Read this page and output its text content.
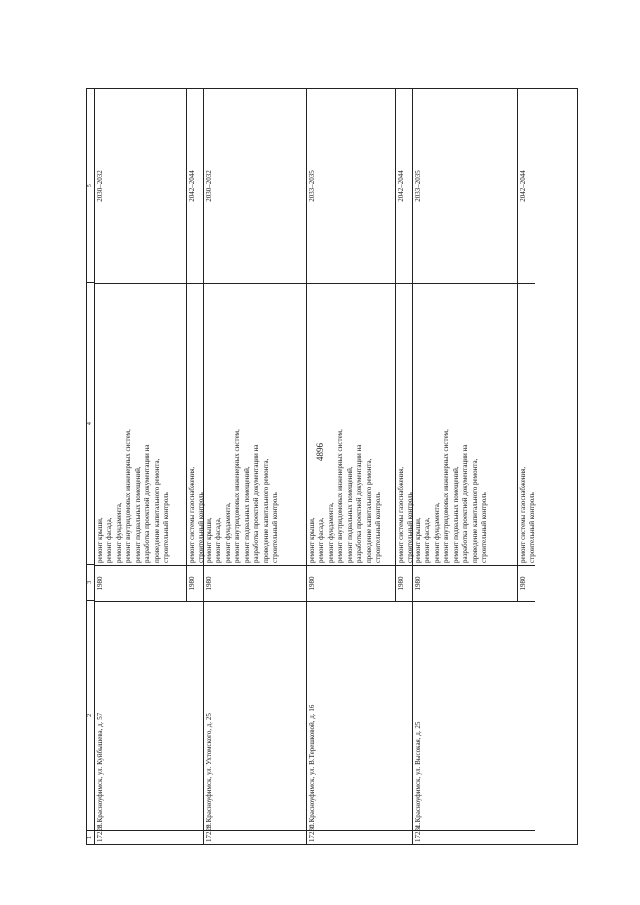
4896
1
2
3
4
5
17228.
г. Красноуфимск, ул. Куйбышева, д. 57
1980
ремонт крыши, ремонт фасада, ремонт фундамента, ремонт внутридомовых инженерных систем, ремонт подвальных помещений, разработка проектной документации на проведение капитального ремонта, строительный контроль
2030–2032
1980
ремонт системы газоснабжения, строительный контроль
2042–2044
17229.
г. Красноуфимск, ул. Ухтомского, д. 25
1980
ремонт крыши, ремонт фасада, ремонт фундамента, ремонт внутридомовых инженерных систем, ремонт подвальных помещений, разработка проектной документации на проведение капитального ремонта, строительный контроль
2030–2032
17230.
г. Красноуфимск, ул. В.Терешковой, д. 16
1980
ремонт крыши, ремонт фасада, ремонт фундамента, ремонт внутридомовых инженерных систем, ремонт подвальных помещений, разработка проектной документации на проведение капитального ремонта, строительный контроль
2033–2035
1980
ремонт системы газоснабжения, строительный контроль
2042–2044
17231.
г. Красноуфимск, ул. Высокая, д. 25
1980
ремонт крыши, ремонт фасада, ремонт фундамента, ремонт внутридомовых инженерных систем, ремонт подвальных помещений, разработка проектной документации на проведение капитального ремонта, строительный контроль
2033–2035
1980
ремонт системы газоснабжения, строительный контроль
2042–2044
